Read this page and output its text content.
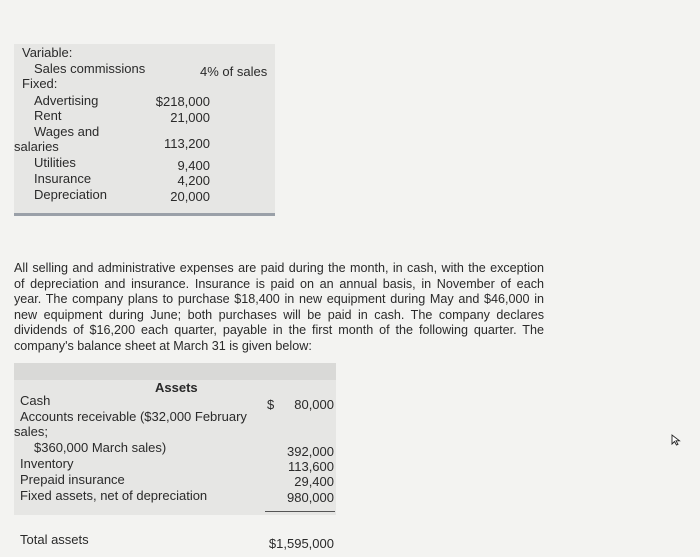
Variable:
Sales commissions	4% of sales
Fixed:
Advertising	$218,000
Rent	21,000
Wages and
salaries	113,200
Utilities	9,400
Insurance	4,200
Depreciation	20,000
All selling and administrative expenses are paid during the month, in cash, with the exception of depreciation and insurance. Insurance is paid on an annual basis, in November of each year. The company plans to purchase $18,400 in new equipment during May and $46,000 in new equipment during June; both purchases will be paid in cash. The company declares dividends of $16,200 each quarter, payable in the first month of the following quarter. The company's balance sheet at March 31 is given below:
Assets
Cash	$	80,000
Accounts receivable ($32,000 February
sales;
$360,000 March sales)	392,000
Inventory	113,600
Prepaid insurance	29,400
Fixed assets, net of depreciation	980,000
Total assets	$1,595,000
